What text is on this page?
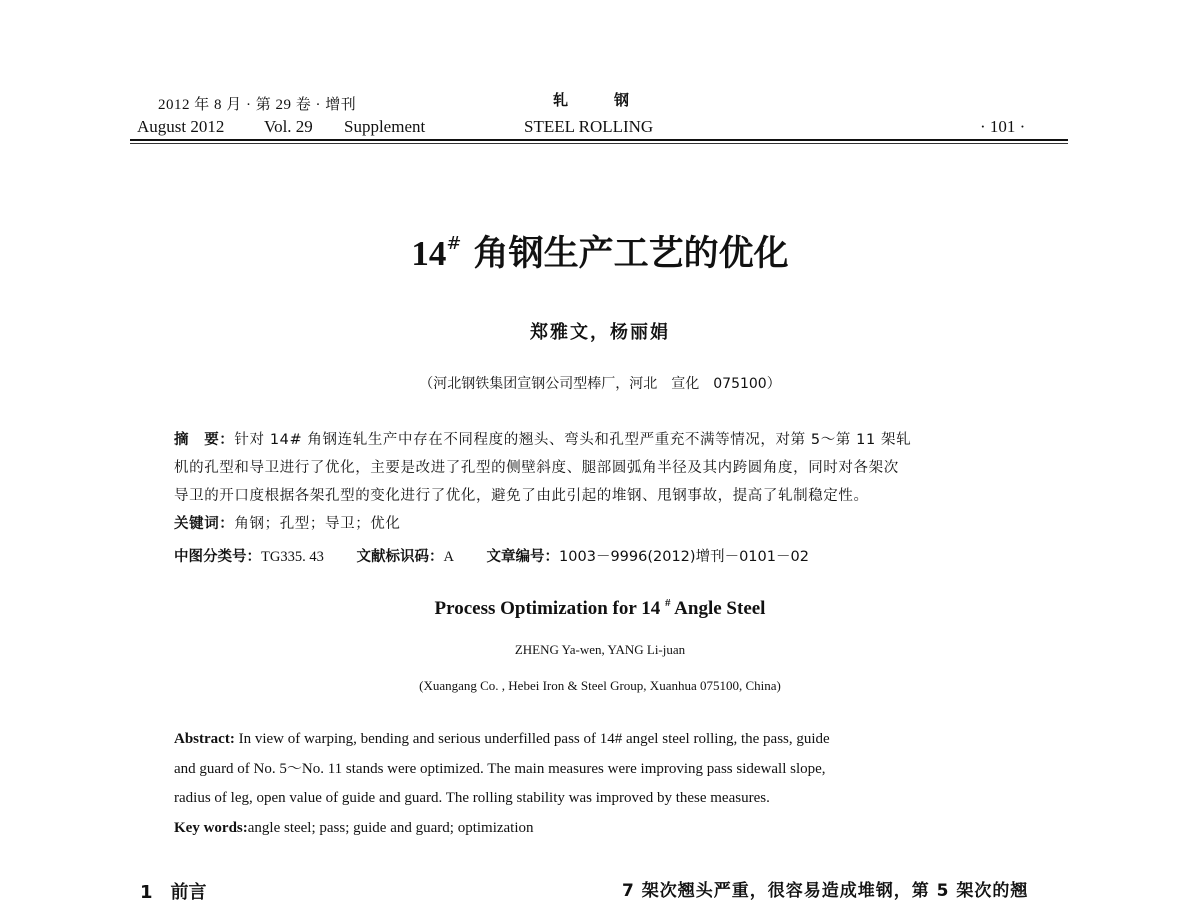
2012 年 8 月 · 第 29 卷 · 增刊
August 2012 Vol. 29 Supplement
轧钢
STEEL ROLLING	· 101 ·
14# 角钢生产工艺的优化
郑雅文，杨丽娟
（河北钢铁集团宣钢公司型棒厂，河北　宣化　075100）
摘　要：针对 14# 角钢连轧生产中存在不同程度的翘头、弯头和孔型严重充不满等情况，对第 5～第 11 架轧
机的孔型和导卫进行了优化，主要是改进了孔型的侧壁斜度、腿部圆弧角半径及其内跨圆角度，同时对各架次
导卫的开口度根据各架孔型的变化进行了优化，避免了由此引起的堆钢、甩钢事故，提高了轧制稳定性。
关键词：角钢；孔型；导卫；优化
中图分类号：TG335. 43 文献标识码：A 文章编号：1003－9996(2012)增刊－0101－02
Process Optimization for 14 # Angle Steel
ZHENG Ya-wen, YANG Li-juan
(Xuangang Co. , Hebei Iron & Steel Group, Xuanhua 075100, China)
Abstract: In view of warping, bending and serious underfilled pass of 14# angel steel rolling, the pass, guide
and guard of No. 5～No. 11 stands were optimized. The main measures were improving pass sidewall slope,
radius of leg, open value of guide and guard. The rolling stability was improved by these measures.
Key words:angle steel; pass; guide and guard; optimization
1　前言	7 架次翘头严重，很容易造成堆钢，第 5 架次的翘
